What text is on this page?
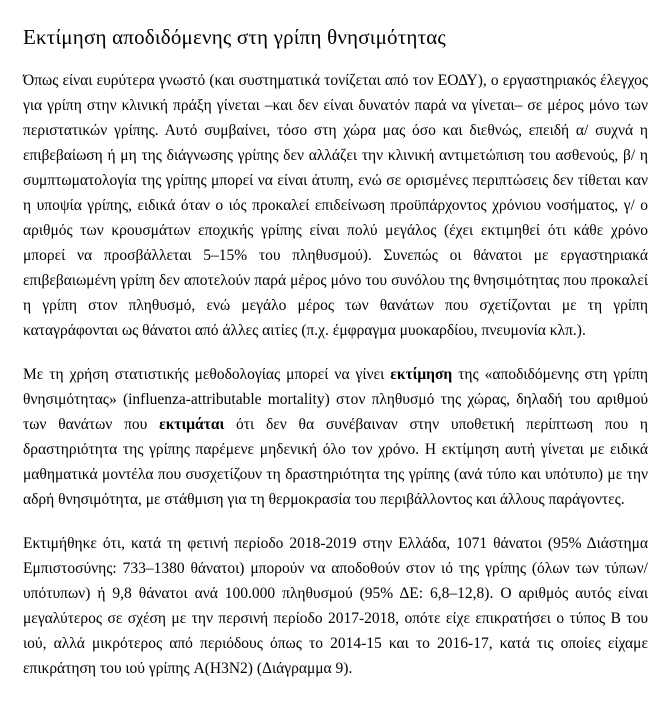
Εκτίμηση αποδιδόμενης στη γρίπη θνησιμότητας

Όπως είναι ευρύτερα γνωστό (και συστηματικά τονίζεται από τον ΕΟΔΥ), ο εργαστηριακός έλεγχος για γρίπη στην κλινική πράξη γίνεται –και δεν είναι δυνατόν παρά να γίνεται– σε μέρος μόνο των περιστατικών γρίπης. Αυτό συμβαίνει, τόσο στη χώρα μας όσο και διεθνώς, επειδή α/ συχνά η επιβεβαίωση ή μη της διάγνωσης γρίπης δεν αλλάζει την κλινική αντιμετώπιση του ασθενούς, β/ η συμπτωματολογία της γρίπης μπορεί να είναι άτυπη, ενώ σε ορισμένες περιπτώσεις δεν τίθεται καν η υποψία γρίπης, ειδικά όταν ο ιός προκαλεί επιδείνωση προϋπάρχοντος χρόνιου νοσήματος, γ/ ο αριθμός των κρουσμάτων εποχικής γρίπης είναι πολύ μεγάλος (έχει εκτιμηθεί ότι κάθε χρόνο μπορεί να προσβάλλεται 5–15% του πληθυσμού). Συνεπώς οι θάνατοι με εργαστηριακά επιβεβαιωμένη γρίπη δεν αποτελούν παρά μέρος μόνο του συνόλου της θνησιμότητας που προκαλεί η γρίπη στον πληθυσμό, ενώ μεγάλο μέρος των θανάτων που σχετίζονται με τη γρίπη καταγράφονται ως θάνατοι από άλλες αιτίες (π.χ. έμφραγμα μυοκαρδίου, πνευμονία κλπ.).

Με τη χρήση στατιστικής μεθοδολογίας μπορεί να γίνει εκτίμηση της «αποδιδόμενης στη γρίπη θνησιμότητας» (influenza-attributable mortality) στον πληθυσμό της χώρας, δηλαδή του αριθμού των θανάτων που εκτιμάται ότι δεν θα συνέβαιναν στην υποθετική περίπτωση που η δραστηριότητα της γρίπης παρέμενε μηδενική όλο τον χρόνο. Η εκτίμηση αυτή γίνεται με ειδικά μαθηματικά μοντέλα που συσχετίζουν τη δραστηριότητα της γρίπης (ανά τύπο και υπότυπο) με την αδρή θνησιμότητα, με στάθμιση για τη θερμοκρασία του περιβάλλοντος και άλλους παράγοντες.

Εκτιμήθηκε ότι, κατά τη φετινή περίοδο 2018-2019 στην Ελλάδα, 1071 θάνατοι (95% Διάστημα Εμπιστοσύνης: 733–1380 θάνατοι) μπορούν να αποδοθούν στον ιό της γρίπης (όλων των τύπων/υπότυπων) ή 9,8 θάνατοι ανά 100.000 πληθυσμού (95% ΔΕ: 6,8–12,8). Ο αριθμός αυτός είναι μεγαλύτερος σε σχέση με την περσινή περίοδο 2017-2018, οπότε είχε επικρατήσει ο τύπος Β του ιού, αλλά μικρότερος από περιόδους όπως το 2014-15 και το 2016-17, κατά τις οποίες είχαμε επικράτηση του ιού γρίπης A(H3N2) (Διάγραμμα 9).
